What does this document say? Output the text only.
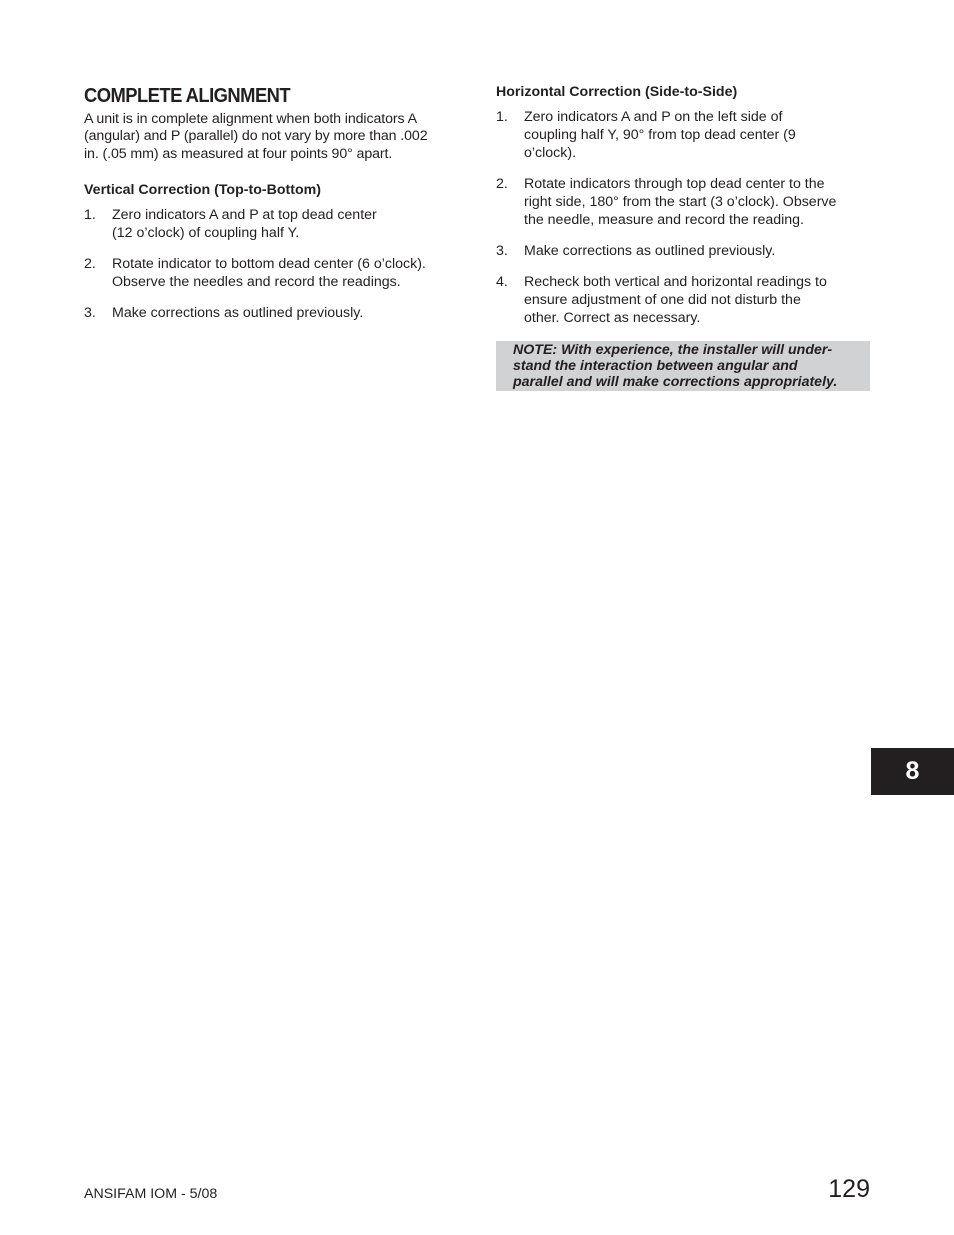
COMPLETE ALIGNMENT

A unit is in complete alignment when both indicators A
(angular) and P (parallel) do not vary by more than .002
in. (.05 mm) as measured at four points 90° apart.

Vertical Correction (Top-to-Bottom)
1. Zero indicators A and P at top dead center
(12 o’clock) of coupling half Y.
2. Rotate indicator to bottom dead center (6 o’clock).
Observe the needles and record the readings.
3. Make corrections as outlined previously.
Horizontal Correction (Side-to-Side)
1. Zero indicators A and P on the left side of
coupling half Y, 90° from top dead center (9
o’clock).
2. Rotate indicators through top dead center to the
right side, 180° from the start (3 o’clock). Observe
the needle, measure and record the reading.
3. Make corrections as outlined previously.
4. Recheck both vertical and horizontal readings to
ensure adjustment of one did not disturb the
other. Correct as necessary.
NOTE: With experience, the installer will under-
stand the interaction between angular and
parallel and will make corrections appropriately.
8
ANSIFAM IOM - 5/08	129
